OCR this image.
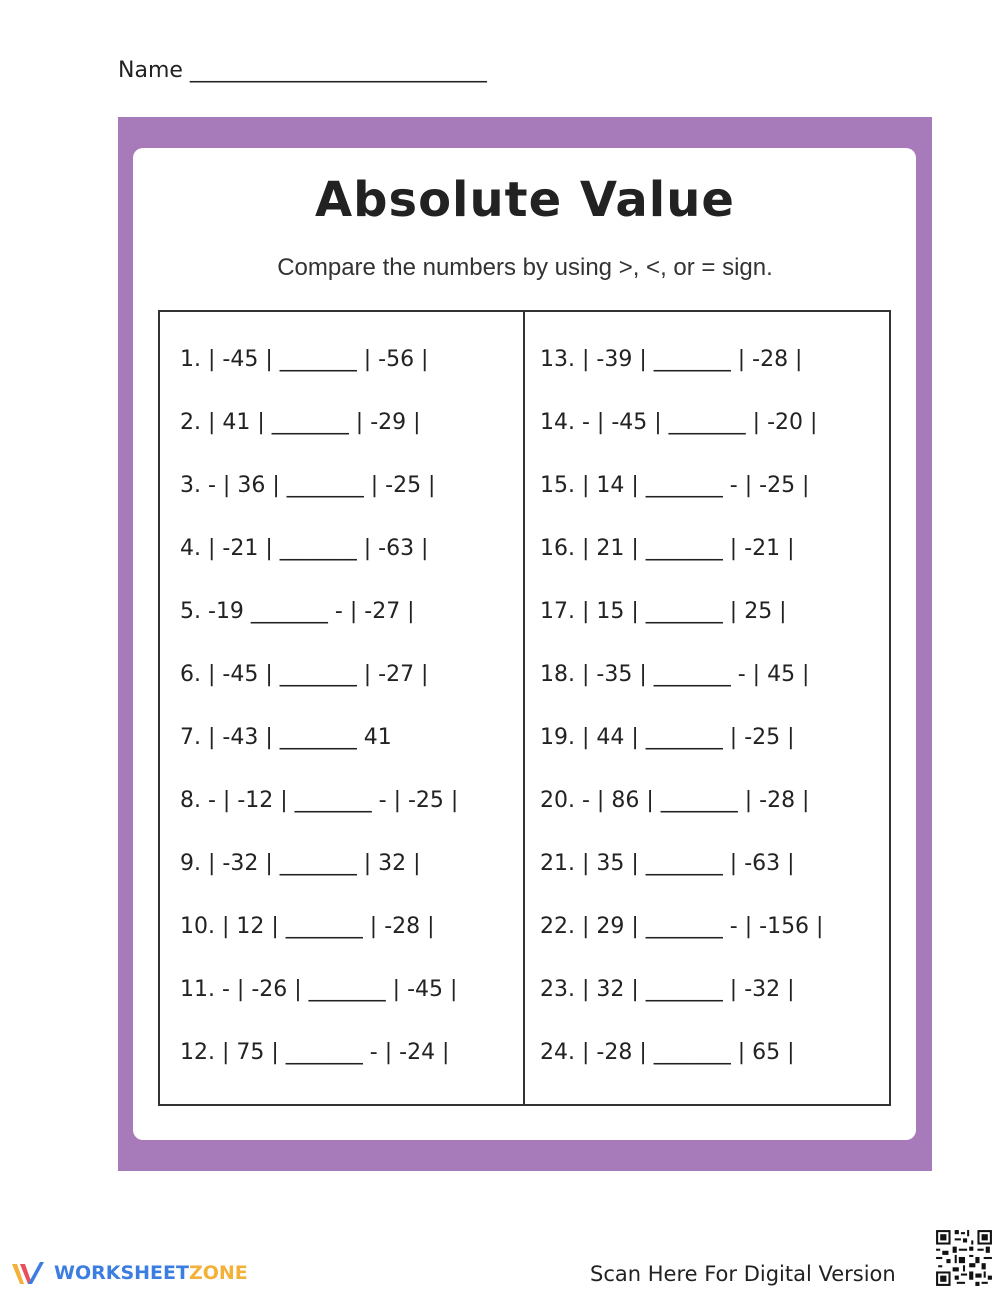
Name ___________________________
Absolute Value
Compare the numbers by using >, <, or = sign.
1. | -45 | _______ | -56 |
2. | 41 | _______ | -29 |
3. - | 36 | _______ | -25 |
4. | -21 | _______ | -63 |
5. -19 _______ - | -27 |
6. | -45 | _______ | -27 |
7. | -43 | _______ 41
8. - | -12 | _______ - | -25 |
9. | -32 | _______ | 32 |
10. | 12 | _______ | -28 |
11. - | -26 | _______ | -45 |
12. | 75 | _______ - | -24 |
13. | -39 | _______ | -28 |
14. - | -45 | _______ | -20 |
15. | 14 | _______ - | -25 |
16. | 21 | _______ | -21 |
17. | 15 | _______ | 25 |
18. | -35 | _______ - | 45 |
19. | 44 | _______ | -25 |
20. - | 86 | _______ | -28 |
21. | 35 | _______ | -63 |
22. | 29 | _______ - | -156 |
23. | 32 | _______ | -32 |
24. | -28 | _______ | 65 |
WORKSHEETZONE	Scan Here For Digital Version
